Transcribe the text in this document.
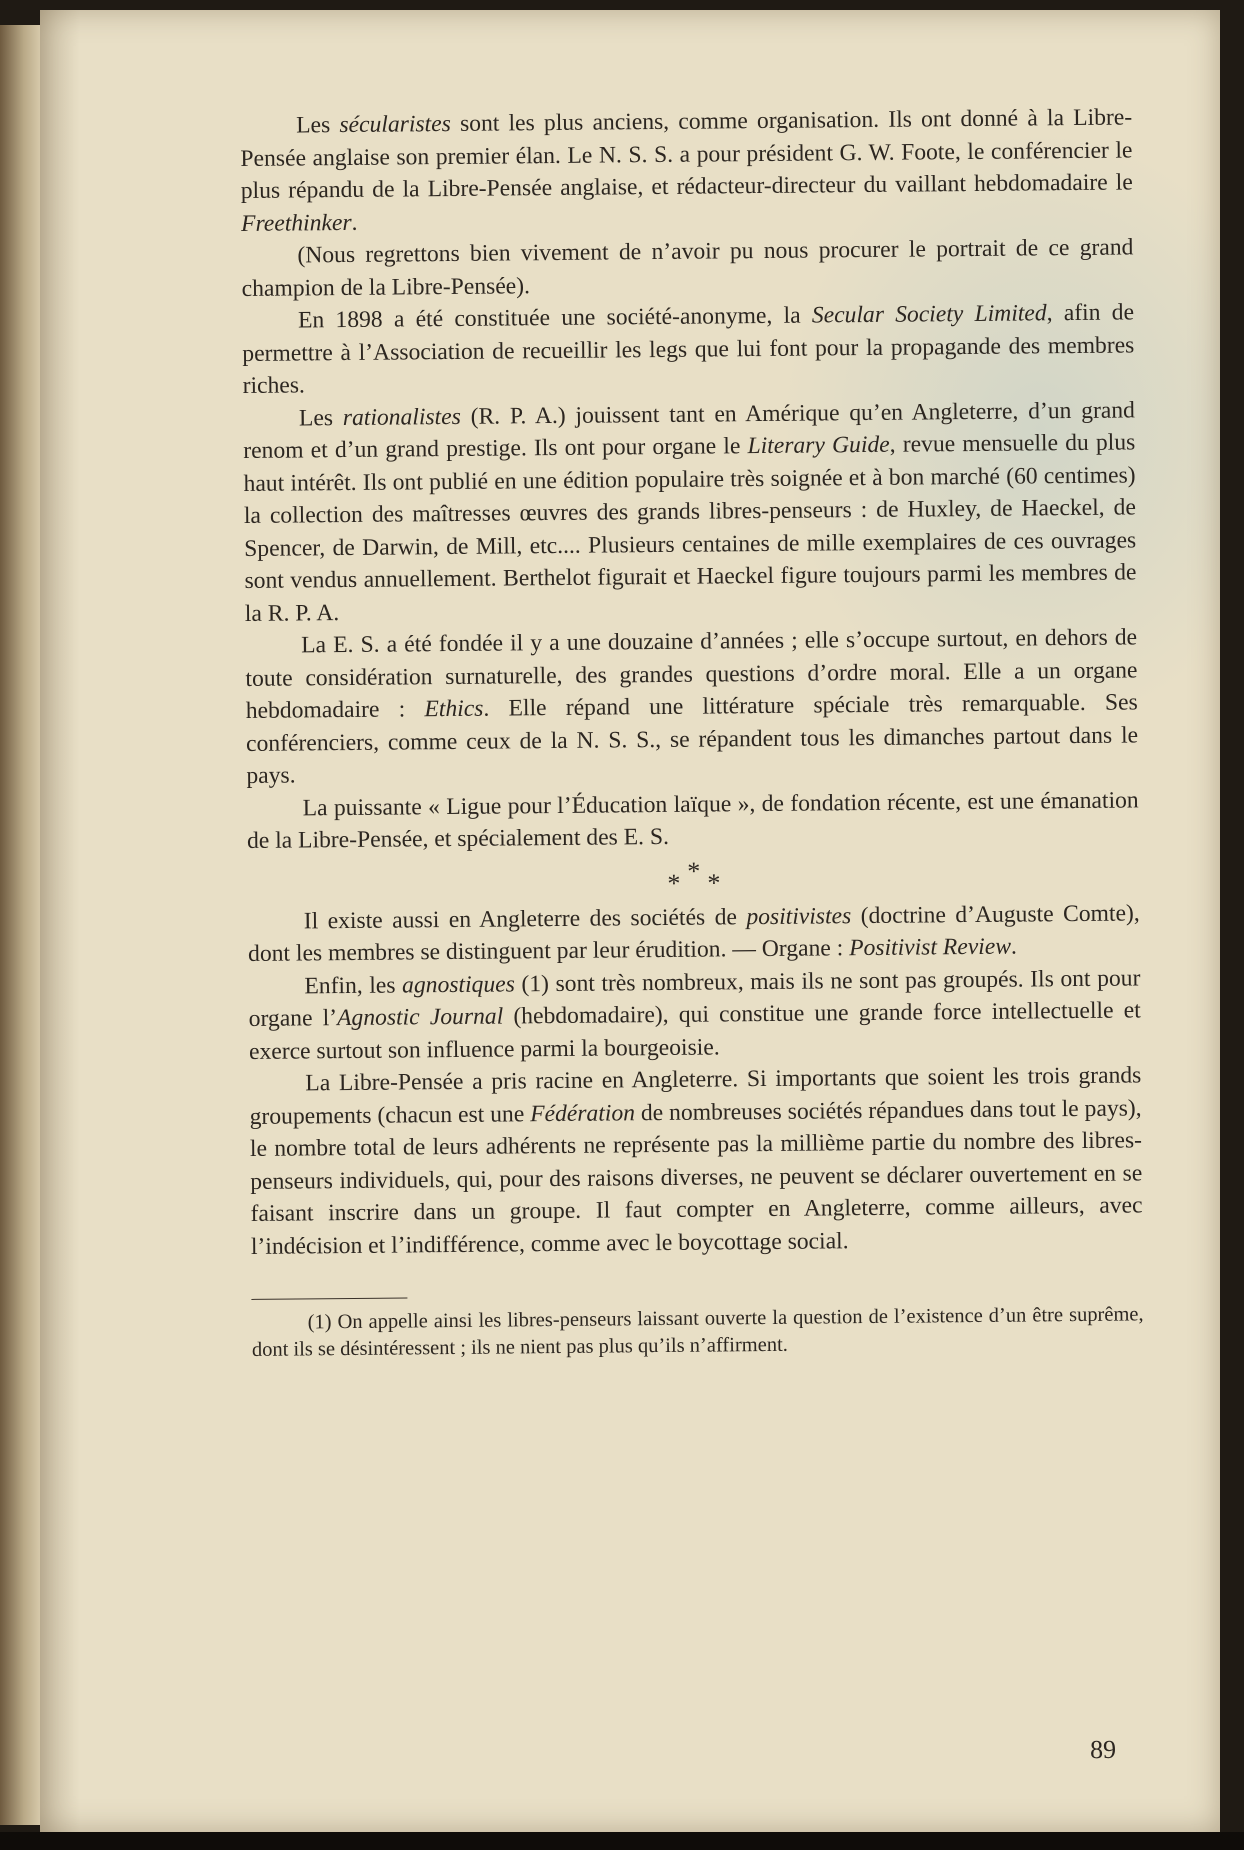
Les sécularistes sont les plus anciens, comme organisation. Ils ont donné à la Libre-Pensée anglaise son premier élan. Le N. S. S. a pour président G. W. Foote, le conférencier le plus répandu de la Libre-Pensée anglaise, et rédacteur-directeur du vaillant hebdomadaire le Freethinker.

(Nous regrettons bien vivement de n’avoir pu nous procurer le portrait de ce grand champion de la Libre-Pensée).

En 1898 a été constituée une société-anonyme, la Secular Society Limited, afin de permettre à l’Association de recueillir les legs que lui font pour la propagande des membres riches.

Les rationalistes (R. P. A.) jouissent tant en Amérique qu’en Angleterre, d’un grand renom et d’un grand prestige. Ils ont pour organe le Literary Guide, revue mensuelle du plus haut intérêt. Ils ont publié en une édition populaire très soignée et à bon marché (60 centimes) la collection des maîtresses œuvres des grands libres-penseurs : de Huxley, de Haeckel, de Spencer, de Darwin, de Mill, etc.... Plusieurs centaines de mille exemplaires de ces ouvrages sont vendus annuellement. Berthelot figurait et Haeckel figure toujours parmi les membres de la R. P. A.

La E. S. a été fondée il y a une douzaine d’années ; elle s’occupe surtout, en dehors de toute considération surnaturelle, des grandes questions d’ordre moral. Elle a un organe hebdomadaire : Ethics. Elle répand une littérature spéciale très remarquable. Ses conférenciers, comme ceux de la N. S. S., se répandent tous les dimanches partout dans le pays.

La puissante « Ligue pour l’Éducation laïque », de fondation récente, est une émanation de la Libre-Pensée, et spécialement des E. S.

*
* *

Il existe aussi en Angleterre des sociétés de positivistes (doctrine d’Auguste Comte), dont les membres se distinguent par leur érudition. — Organe : Positivist Review.

Enfin, les agnostiques (1) sont très nombreux, mais ils ne sont pas groupés. Ils ont pour organe l’Agnostic Journal (hebdomadaire), qui constitue une grande force intellectuelle et exerce surtout son influence parmi la bourgeoisie.

La Libre-Pensée a pris racine en Angleterre. Si importants que soient les trois grands groupements (chacun est une Fédération de nombreuses sociétés répandues dans tout le pays), le nombre total de leurs adhérents ne représente pas la millième partie du nombre des libres-penseurs individuels, qui, pour des raisons diverses, ne peuvent se déclarer ouvertement en se faisant inscrire dans un groupe. Il faut compter en Angleterre, comme ailleurs, avec l’indécision et l’indifférence, comme avec le boycottage social.

(1) On appelle ainsi les libres-penseurs laissant ouverte la question de l’existence d’un être suprême, dont ils se désintéressent ; ils ne nient pas plus qu’ils n’affirment.

89
